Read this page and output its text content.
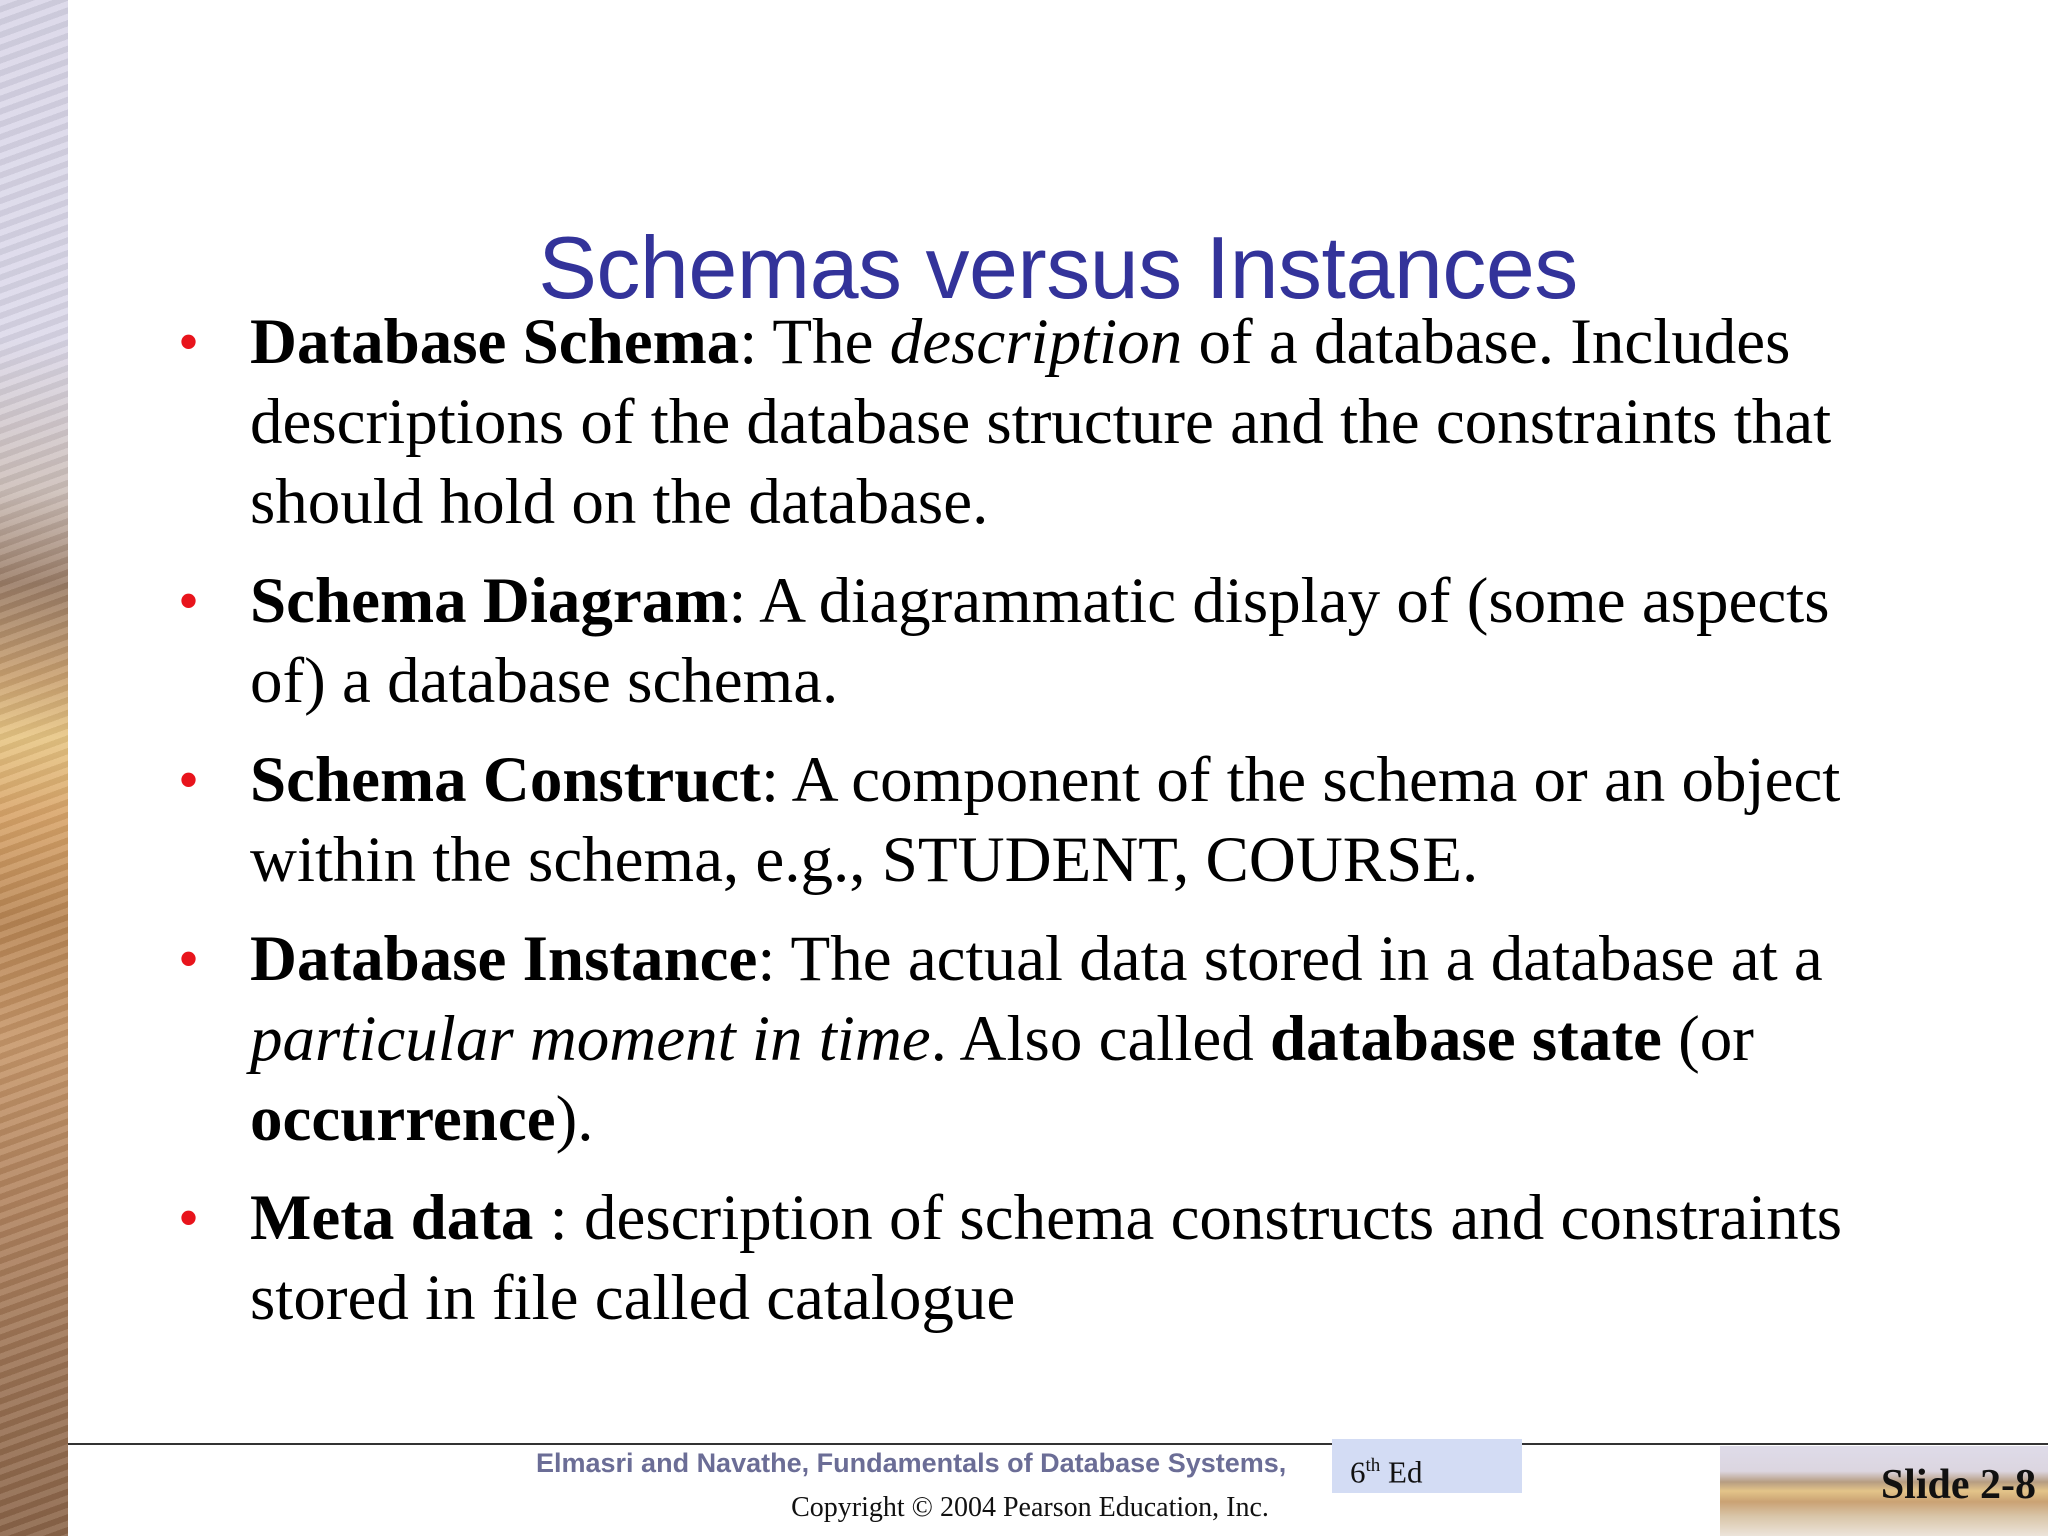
Schemas versus Instances
• Database Schema: The description of a database. Includes descriptions of the database structure and the constraints that should hold on the database.
• Schema Diagram: A diagrammatic display of (some aspects of) a database schema.
• Schema Construct: A component of the schema or an object within the schema, e.g., STUDENT, COURSE.
• Database Instance: The actual data stored in a database at a particular moment in time. Also called database state (or occurrence).
• Meta data : description of schema constructs and constraints stored in file called catalogue
Elmasri and Navathe, Fundamentals of Database Systems,	6th Ed
Copyright © 2004 Pearson Education, Inc.	Slide 2-8
